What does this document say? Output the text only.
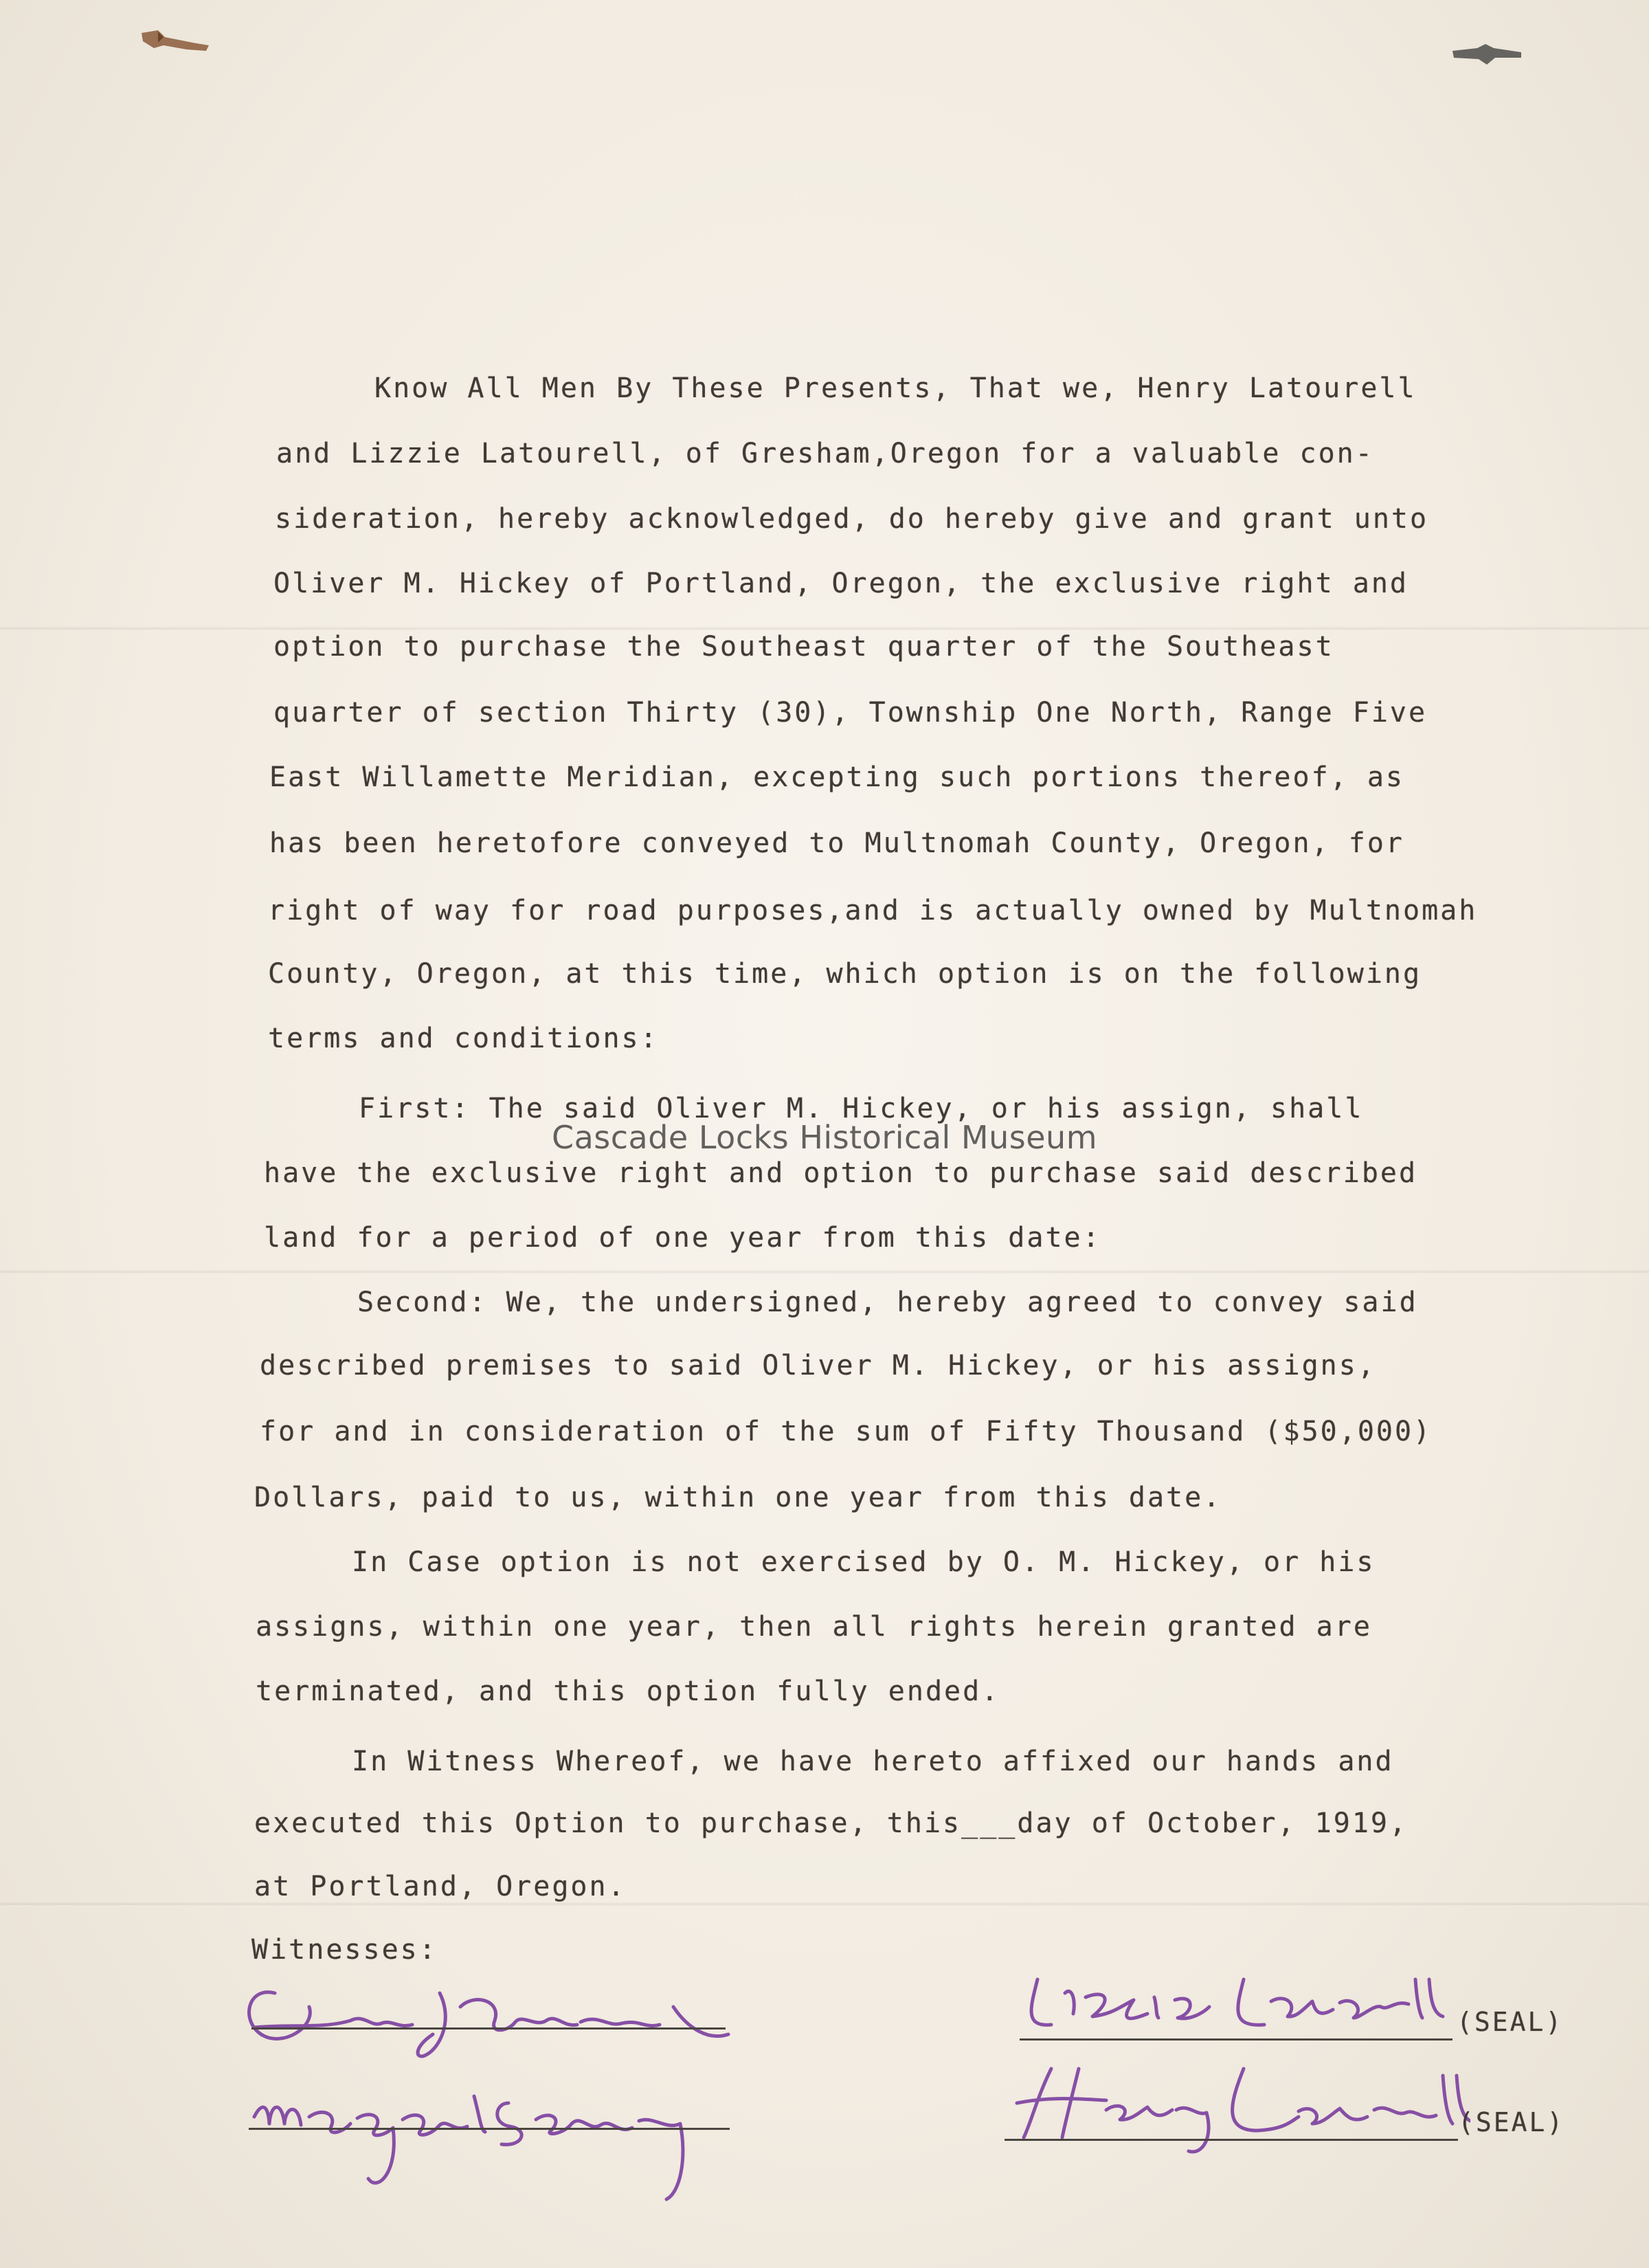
Know All Men By These Presents, That we, Henry Latourell
and Lizzie Latourell, of Gresham,Oregon for a valuable con-
sideration, hereby acknowledged, do hereby give and grant unto
Oliver M. Hickey of Portland, Oregon, the exclusive right and
option to purchase the Southeast quarter of the Southeast
quarter of section Thirty (30), Township One North, Range Five
East Willamette Meridian, excepting such portions thereof, as
has been heretofore conveyed to Multnomah County, Oregon, for
right of way for road purposes,and is actually owned by Multnomah
County, Oregon, at this time, which option is on the following
terms and conditions:
First: The said Oliver M. Hickey, or his assign, shall
have the exclusive right and option to purchase said described
land for a period of one year from this date:
Second: We, the undersigned, hereby agreed to convey said
described premises to said Oliver M. Hickey, or his assigns,
for and in consideration of the sum of Fifty Thousand ($50,000)
Dollars, paid to us, within one year from this date.
In Case option is not exercised by O. M. Hickey, or his
assigns, within one year, then all rights herein granted are
terminated, and this option fully ended.
In Witness Whereof, we have hereto affixed our hands and
executed this Option to purchase, this___day of October, 1919,
at Portland, Oregon.
Witnesses:
Cascade Locks Historical Museum
(SEAL)
(SEAL)
